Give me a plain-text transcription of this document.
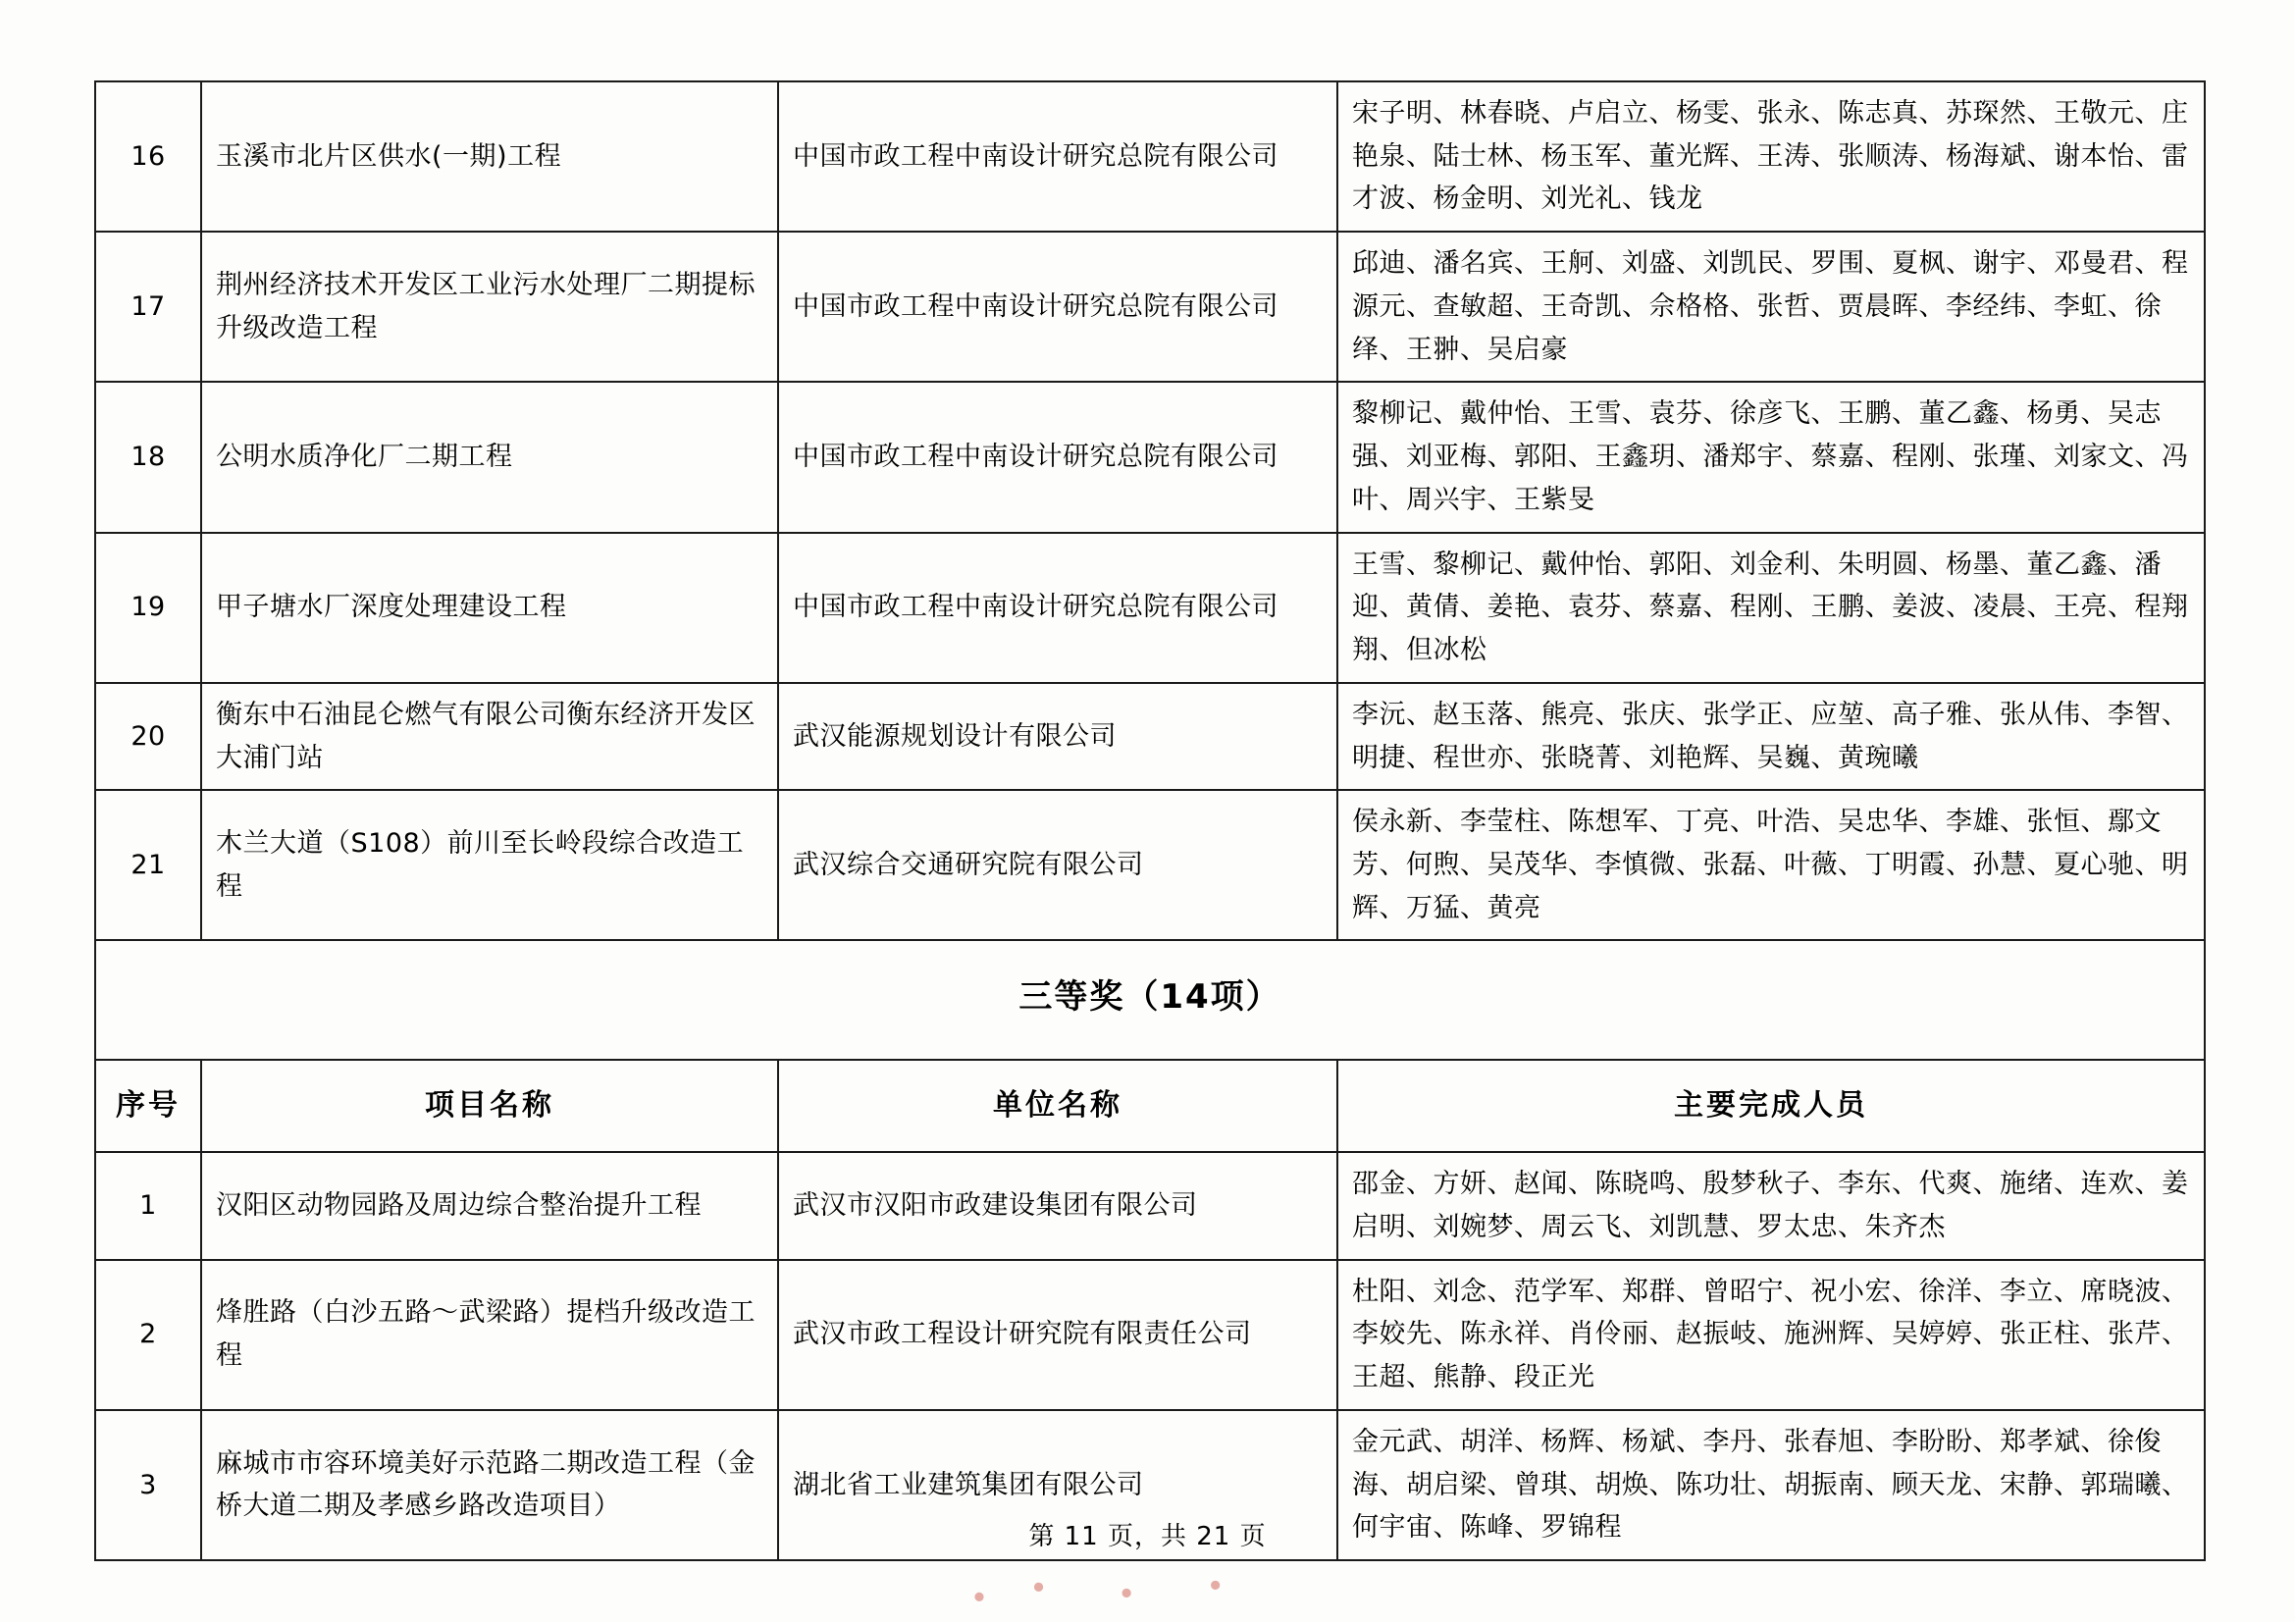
16	玉溪市北片区供水(一期)工程	中国市政工程中南设计研究总院有限公司	宋子明、林春晓、卢启立、杨雯、张永、陈志真、苏琛然、王敬元、庄艳泉、陆士林、杨玉军、董光辉、王涛、张顺涛、杨海斌、谢本怡、雷才波、杨金明、刘光礼、钱龙
17	荆州经济技术开发区工业污水处理厂二期提标升级改造工程	中国市政工程中南设计研究总院有限公司	邱迪、潘名宾、王舸、刘盛、刘凯民、罗围、夏枫、谢宇、邓曼君、程源元、查敏超、王奇凯、佘格格、张哲、贾晨晖、李经纬、李虹、徐绎、王翀、吴启豪
18	公明水质净化厂二期工程	中国市政工程中南设计研究总院有限公司	黎柳记、戴仲怡、王雪、袁芬、徐彦飞、王鹏、董乙鑫、杨勇、吴志强、刘亚梅、郭阳、王鑫玥、潘郑宇、蔡嘉、程刚、张瑾、刘家文、冯叶、周兴宇、王紫旻
19	甲子塘水厂深度处理建设工程	中国市政工程中南设计研究总院有限公司	王雪、黎柳记、戴仲怡、郭阳、刘金利、朱明圆、杨墨、董乙鑫、潘迎、黄倩、姜艳、袁芬、蔡嘉、程刚、王鹏、姜波、凌晨、王亮、程翔翔、但冰松
20	衡东中石油昆仑燃气有限公司衡东经济开发区大浦门站	武汉能源规划设计有限公司	李沅、赵玉落、熊亮、张庆、张学正、应堃、高子雅、张从伟、李智、明捷、程世亦、张晓菁、刘艳辉、吴巍、黄琬曦
21	木兰大道（S108）前川至长岭段综合改造工程	武汉综合交通研究院有限公司	侯永新、李莹柱、陈想军、丁亮、叶浩、吴忠华、李雄、张恒、鄢文芳、何煦、吴茂华、李慎微、张磊、叶薇、丁明霞、孙慧、夏心驰、明辉、万猛、黄亮
三等奖（14项）			
序号	项目名称	单位名称	主要完成人员
1	汉阳区动物园路及周边综合整治提升工程	武汉市汉阳市政建设集团有限公司	邵金、方妍、赵闻、陈晓鸣、殷梦秋子、李东、代爽、施绪、连欢、姜启明、刘婉梦、周云飞、刘凯慧、罗太忠、朱齐杰
2	烽胜路（白沙五路～武梁路）提档升级改造工程	武汉市政工程设计研究院有限责任公司	杜阳、刘念、范学军、郑群、曾昭宁、祝小宏、徐洋、李立、席晓波、李姣先、陈永祥、肖伶丽、赵振岐、施洲辉、吴婷婷、张正柱、张芹、王超、熊静、段正光
3	麻城市市容环境美好示范路二期改造工程（金桥大道二期及孝感乡路改造项目）	湖北省工业建筑集团有限公司	金元武、胡洋、杨辉、杨斌、李丹、张春旭、李盼盼、郑孝斌、徐俊海、胡启梁、曾琪、胡焕、陈功壮、胡振南、顾天龙、宋静、郭瑞曦、何宇宙、陈峰、罗锦程
第 11 页，共 21 页
• •	•	•
